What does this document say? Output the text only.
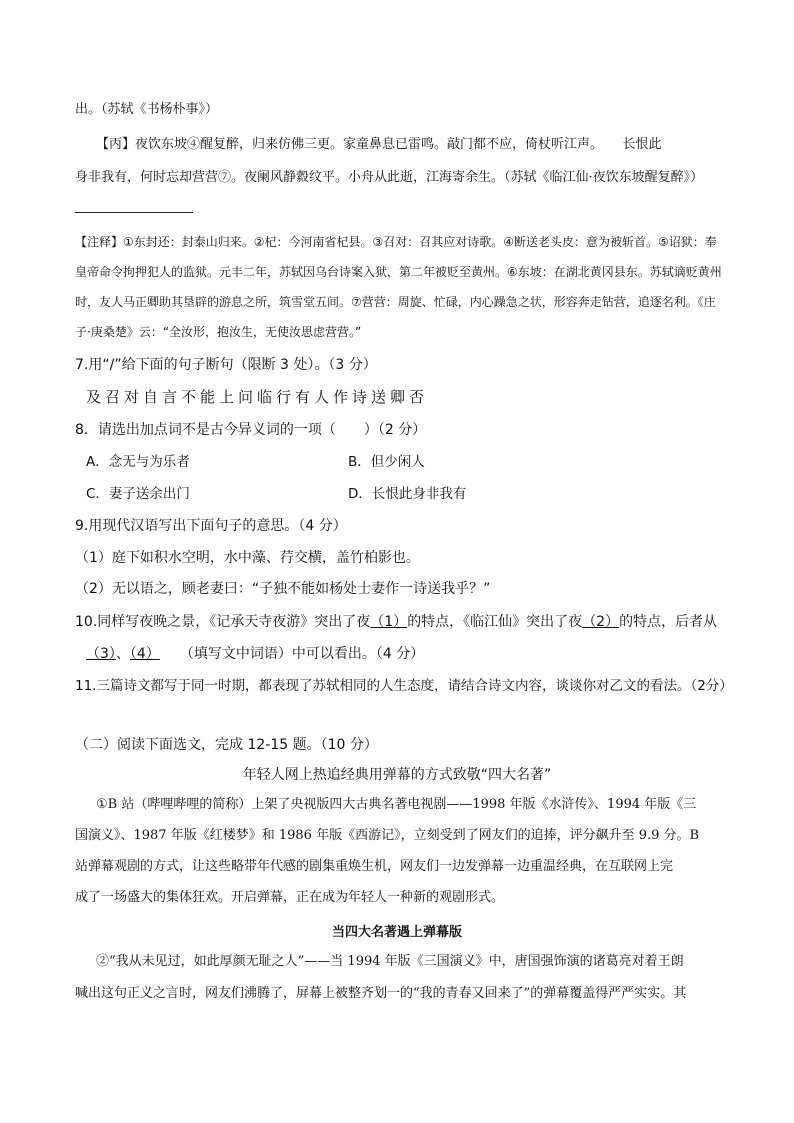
出。（苏轼《书杨朴事》）
【丙】夜饮东坡④醒复醉，归来仿佛三更。家童鼻息已雷鸣。敲门都不应，倚杖听江声。　　长恨此
身非我有，何时忘却营营⑦。夜阑风静縠纹平。小舟从此逝，江海寄余生。（苏轼《临江仙·夜饮东坡醒复醉》）
【注释】①东封还：封泰山归来。②杞：今河南省杞县。③召对：召其应对诗歌。④断送老头皮：意为被斩首。⑤诏狱：奉
皇帝命令拘押犯人的监狱。元丰二年，苏轼因乌台诗案入狱，第二年被贬至黄州。⑥东坡：在湖北黄冈县东。苏轼谪贬黄州
时，友人马正卿助其垦辟的游息之所，筑雪堂五间。⑦营营：周旋、忙碌，内心躁急之状，形容奔走钻营，追逐名利。《庄
子·庚桑楚》云：“全汝形，抱汝生，无使汝思虑营营。”
7.用“/”给下面的句子断句（限断 3 处）。（3 分）
及召对自言不能上问临行有人作诗送卿否
8．请选出加点词不是古今异义词的一项（　　）（2 分）
A．念无与为乐者	B．但少闲人
C．妻子送余出门	D．长恨此身非我有
9.用现代汉语写出下面句子的意思。（4 分）
（1）庭下如积水空明，水中藻、荇交横，盖竹柏影也。
（2）无以语之，顾老妻曰：“子独不能如杨处士妻作一诗送我乎？”
10.同样写夜晚之景，《记承天寺夜游》突出了夜（1）的特点，《临江仙》突出了夜（2）的特点，后者从
（3）、（4） （填写文中词语）中可以看出。（4 分）
11.三篇诗文都写于同一时期，都表现了苏轼相同的人生态度，请结合诗文内容，谈谈你对乙文的看法。（2分）
（二）阅读下面选文，完成 12-15 题。（10 分）
年轻人网上热追经典用弹幕的方式致敬“四大名著”
①B 站（哔哩哔哩的简称）上架了央视版四大古典名著电视剧——1998 年版《水浒传》、1994 年版《三
国演义》、1987 年版《红楼梦》和 1986 年版《西游记》，立刻受到了网友们的追捧，评分飙升至 9.9 分。B
站弹幕观剧的方式，让这些略带年代感的剧集重焕生机，网友们一边发弹幕一边重温经典，在互联网上完
成了一场盛大的集体狂欢。开启弹幕，正在成为年轻人一种新的观剧形式。
当四大名著遇上弹幕版
②“我从未见过，如此厚颜无耻之人”——当 1994 年版《三国演义》中，唐国强饰演的诸葛亮对着王朗
喊出这句正义之言时，网友们沸腾了，屏幕上被整齐划一的“我的青春又回来了”的弹幕覆盖得严严实实。其
